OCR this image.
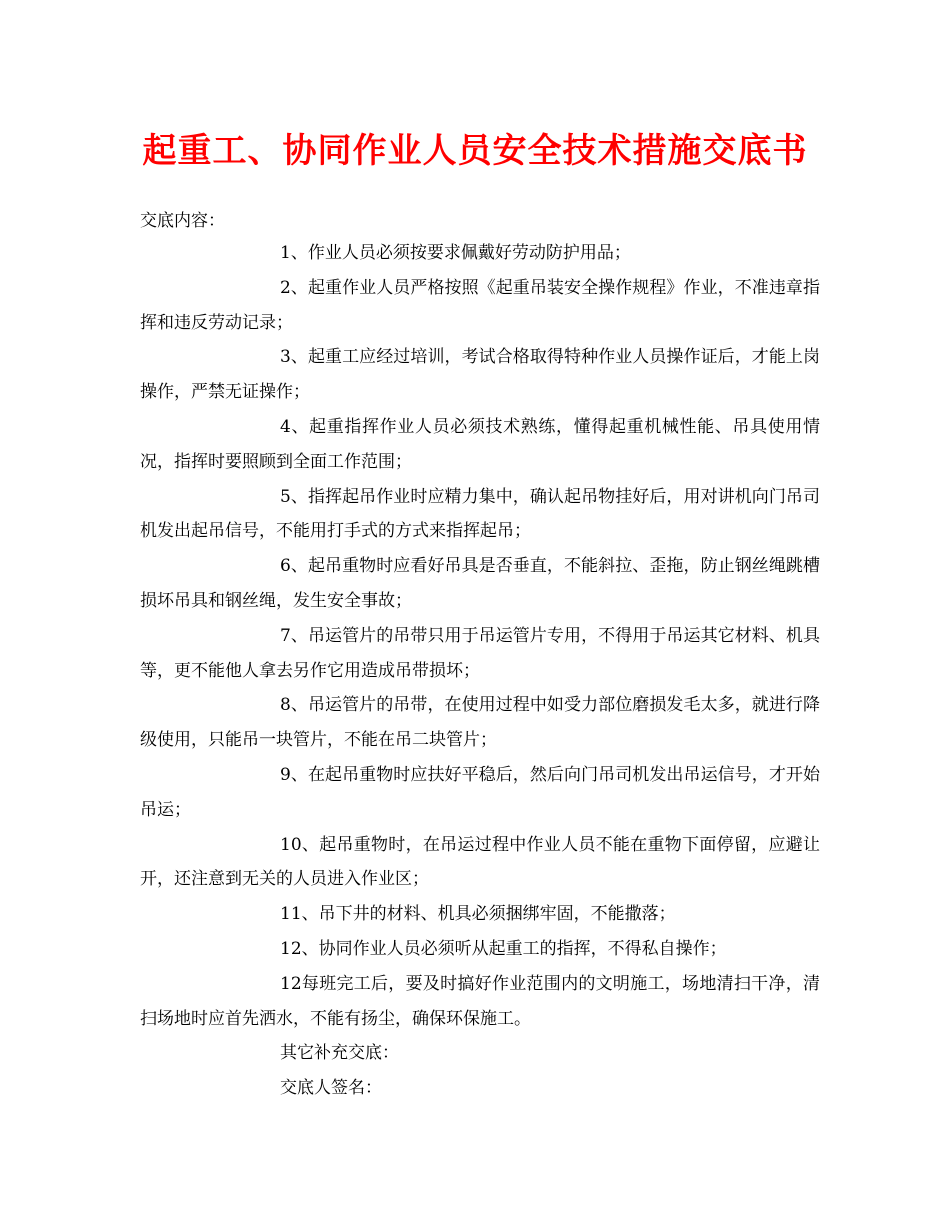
起重工、协同作业人员安全技术措施交底书
交底内容：

1、作业人员必须按要求佩戴好劳动防护用品；

2、起重作业人员严格按照《起重吊装安全操作规程》作业，不准违章指挥和违反劳动记录；

3、起重工应经过培训，考试合格取得特种作业人员操作证后，才能上岗操作，严禁无证操作；

4、起重指挥作业人员必须技术熟练，懂得起重机械性能、吊具使用情况，指挥时要照顾到全面工作范围；

5、指挥起吊作业时应精力集中，确认起吊物挂好后，用对讲机向门吊司机发出起吊信号，不能用打手式的方式来指挥起吊；

6、起吊重物时应看好吊具是否垂直，不能斜拉、歪拖，防止钢丝绳跳槽损坏吊具和钢丝绳，发生安全事故；

7、吊运管片的吊带只用于吊运管片专用，不得用于吊运其它材料、机具等，更不能他人拿去另作它用造成吊带损坏；

8、吊运管片的吊带，在使用过程中如受力部位磨损发毛太多，就进行降级使用，只能吊一块管片，不能在吊二块管片；

9、在起吊重物时应扶好平稳后，然后向门吊司机发出吊运信号，才开始吊运；

10、起吊重物时，在吊运过程中作业人员不能在重物下面停留，应避让开，还注意到无关的人员进入作业区；

11、吊下井的材料、机具必须捆绑牢固，不能撒落；

12、协同作业人员必须听从起重工的指挥，不得私自操作；

12每班完工后，要及时搞好作业范围内的文明施工，场地清扫干净，清扫场地时应首先洒水，不能有扬尘，确保环保施工。

其它补充交底：

交底人签名：
